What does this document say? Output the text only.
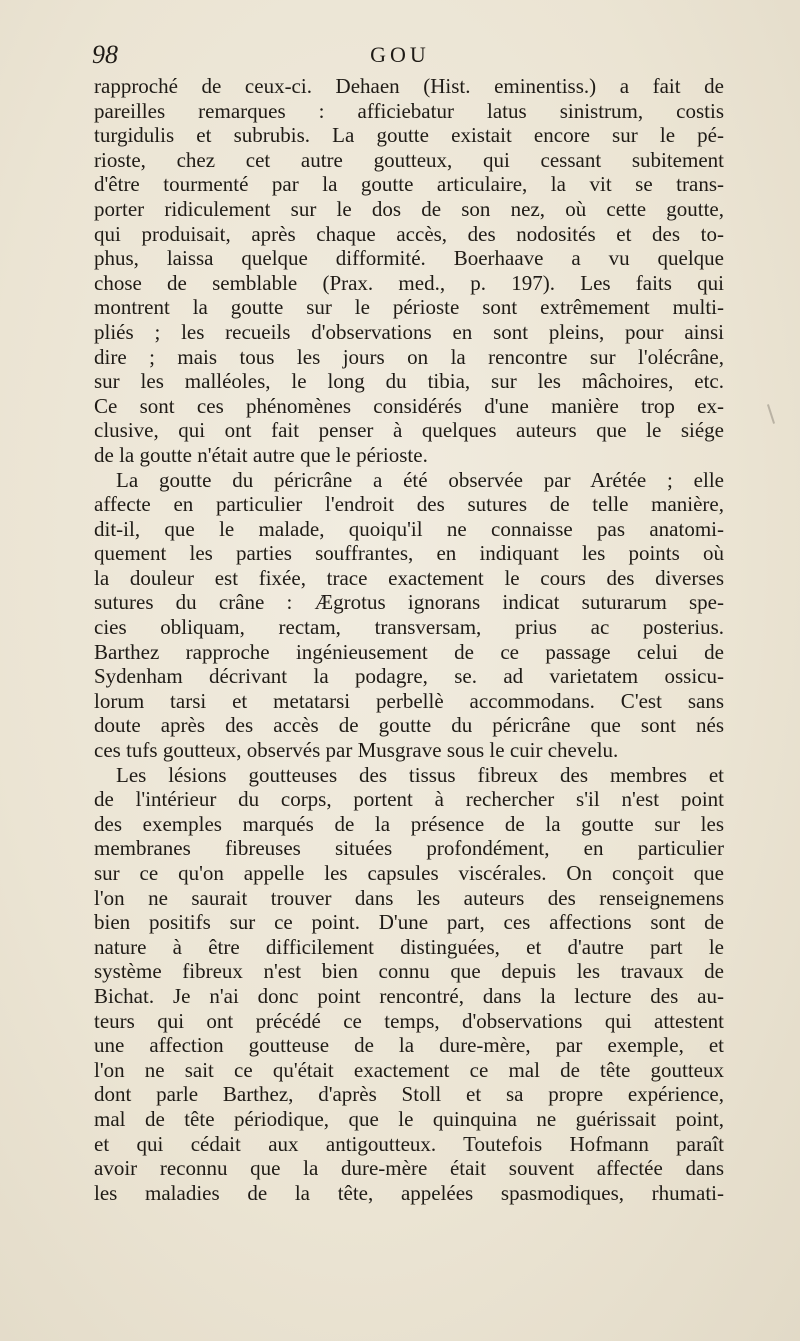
98	GOU
rapproché de ceux-ci. Dehaen (Hist. eminentiss.) a fait de
pareilles remarques : afficiebatur latus sinistrum, costis
turgidulis et subrubis. La goutte existait encore sur le pé-
rioste, chez cet autre goutteux, qui cessant subitement
d'être tourmenté par la goutte articulaire, la vit se trans-
porter ridiculement sur le dos de son nez, où cette goutte,
qui produisait, après chaque accès, des nodosités et des to-
phus, laissa quelque difformité. Boerhaave a vu quelque
chose de semblable (Prax. med., p. 197). Les faits qui
montrent la goutte sur le périoste sont extrêmement multi-
pliés ; les recueils d'observations en sont pleins, pour ainsi
dire ; mais tous les jours on la rencontre sur l'olécrâne,
sur les malléoles, le long du tibia, sur les mâchoires, etc.
Ce sont ces phénomènes considérés d'une manière trop ex-
clusive, qui ont fait penser à quelques auteurs que le siége
de la goutte n'était autre que le périoste.
La goutte du péricrâne a été observée par Arétée ; elle
affecte en particulier l'endroit des sutures de telle manière,
dit-il, que le malade, quoiqu'il ne connaisse pas anatomi-
quement les parties souffrantes, en indiquant les points où
la douleur est fixée, trace exactement le cours des diverses
sutures du crâne : Ægrotus ignorans indicat suturarum spe-
cies obliquam, rectam, transversam, prius ac posterius.
Barthez rapproche ingénieusement de ce passage celui de
Sydenham décrivant la podagre, se. ad varietatem ossicu-
lorum tarsi et metatarsi perbellè accommodans. C'est sans
doute après des accès de goutte du péricrâne que sont nés
ces tufs goutteux, observés par Musgrave sous le cuir chevelu.
Les lésions goutteuses des tissus fibreux des membres et
de l'intérieur du corps, portent à rechercher s'il n'est point
des exemples marqués de la présence de la goutte sur les
membranes fibreuses situées profondément, en particulier
sur ce qu'on appelle les capsules viscérales. On conçoit que
l'on ne saurait trouver dans les auteurs des renseignemens
bien positifs sur ce point. D'une part, ces affections sont de
nature à être difficilement distinguées, et d'autre part le
système fibreux n'est bien connu que depuis les travaux de
Bichat. Je n'ai donc point rencontré, dans la lecture des au-
teurs qui ont précédé ce temps, d'observations qui attestent
une affection goutteuse de la dure-mère, par exemple, et
l'on ne sait ce qu'était exactement ce mal de tête goutteux
dont parle Barthez, d'après Stoll et sa propre expérience,
mal de tête périodique, que le quinquina ne guérissait point,
et qui cédait aux antigoutteux. Toutefois Hofmann paraît
avoir reconnu que la dure-mère était souvent affectée dans
les maladies de la tête, appelées spasmodiques, rhumati-
